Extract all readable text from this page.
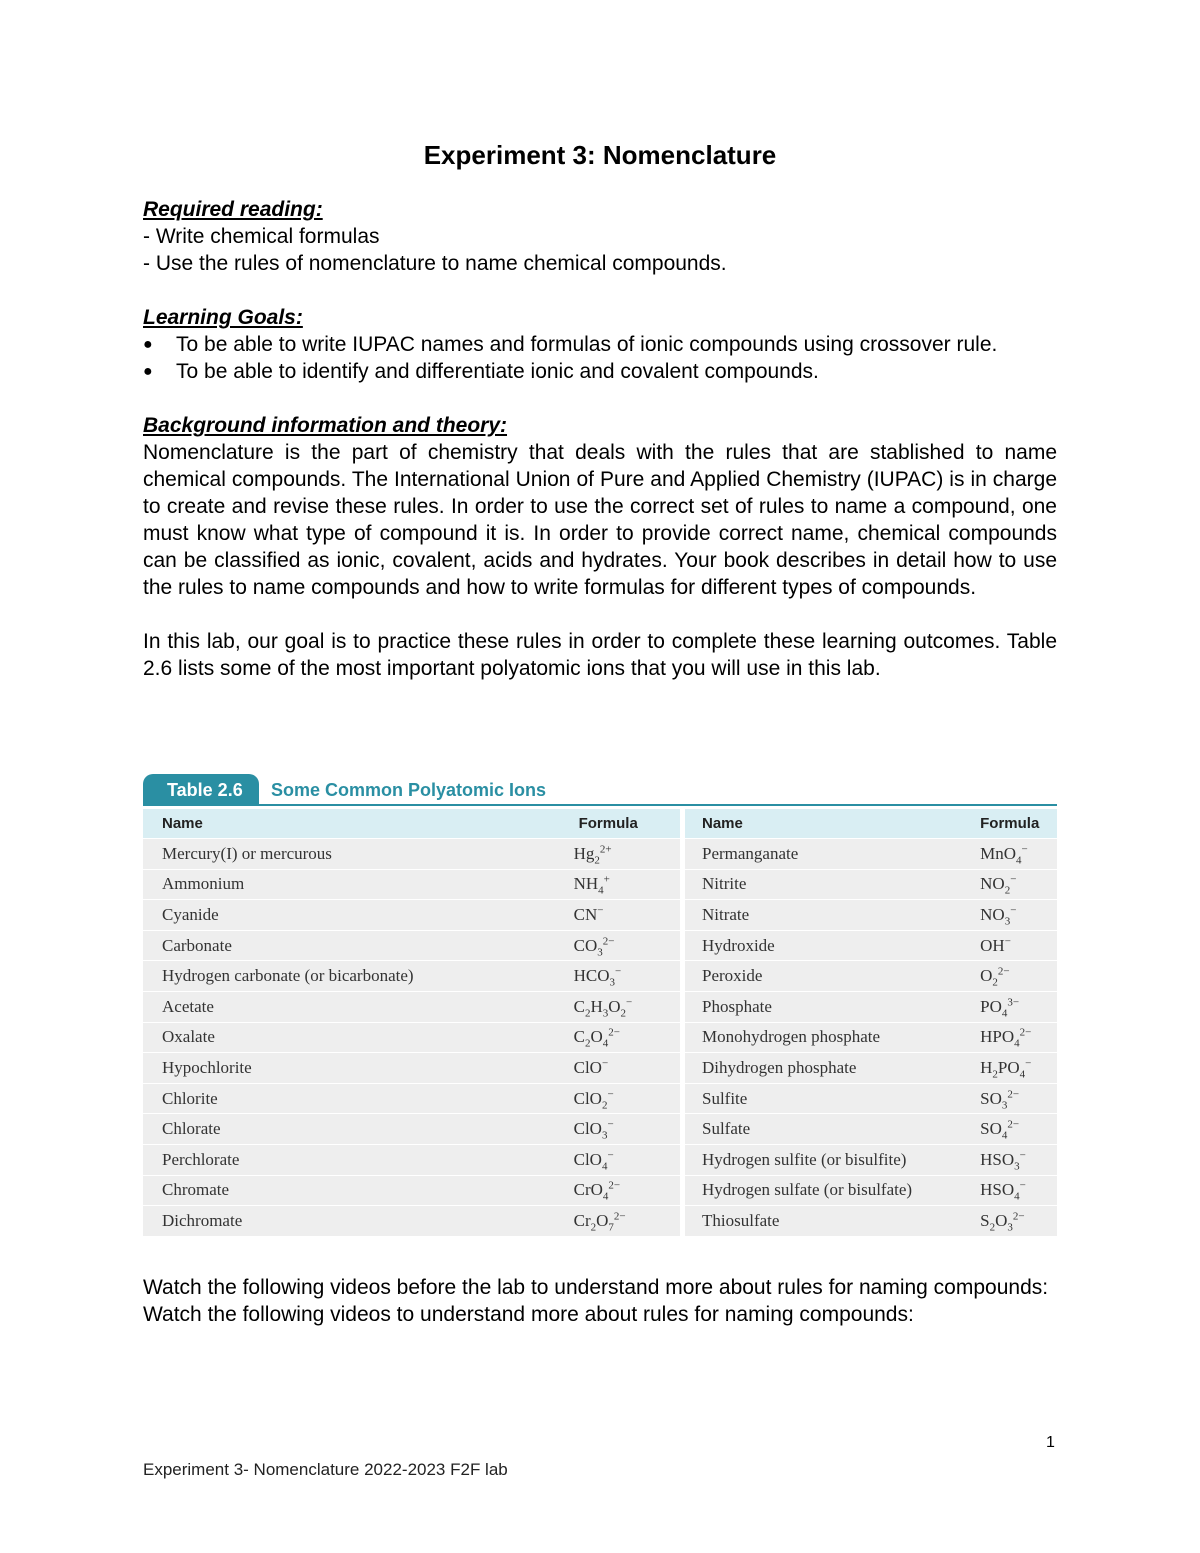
Experiment 3: Nomenclature

Required reading:

- Write chemical formulas

- Use the rules of nomenclature to name chemical compounds.

Learning Goals:

●	To be able to write IUPAC names and formulas of ionic compounds using crossover rule.
●	To be able to identify and differentiate ionic and covalent compounds.

Background information and theory:

Nomenclature is the part of chemistry that deals with the rules that are stablished to name chemical compounds. The International Union of Pure and Applied Chemistry (IUPAC) is in charge to create and revise these rules. In order to use the correct set of rules to name a compound, one must know what type of compound it is. In order to provide correct name, chemical compounds can be classified as ionic, covalent, acids and hydrates. Your book describes in detail how to use the rules to name compounds and how to write formulas for different types of compounds.

In this lab, our goal is to practice these rules in order to complete these learning outcomes. Table 2.6 lists some of the most important polyatomic ions that you will use in this lab.

Table 2.6	Some Common Polyatomic Ions
Name	Formula
Mercury(I) or mercurous	$Hg_2^{2+}$
Ammonium	$NH_4^+$
Cyanide	CN−
Carbonate	$CO_3^{2-}$
Hydrogen carbonate (or bicarbonate)	$HCO_3^-$
Acetate	$C_2H_3O_2^-$
Oxalate	$C_2O_4^{2-}$
Hypochlorite	ClO−
Chlorite	ClO$_2$−
Chlorate	ClO$_3$−
Perchlorate	ClO$_4$−
Chromate	CrO$_4^{2-}$
Dichromate	$Cr_2O_7^{2-}$
Name	Formula
Permanganate	MnO$_4$−
Nitrite	$NO_2^-$
Nitrate	$NO_3^-$
Hydroxide	OH−
Peroxide	$O_2^{2-}$
Phosphate	$PO_4^{3-}$
Monohydrogen phosphate	$HPO_4^{2-}$
Dihydrogen phosphate	$H_2PO_4^-$
Sulfite	$SO_3^{2-}$
Sulfate	$SO_4^{2-}$
Hydrogen sulfite (or bisulfite)	$HSO_3^-$
Hydrogen sulfate (or bisulfate)	$HSO_4^-$
Thiosulfate	$S_2O_3^{2-}$

Watch the following videos before the lab to understand more about rules for naming compounds:

Watch the following videos to understand more about rules for naming compounds:

1
Experiment 3- Nomenclature 2022-2023 F2F lab
